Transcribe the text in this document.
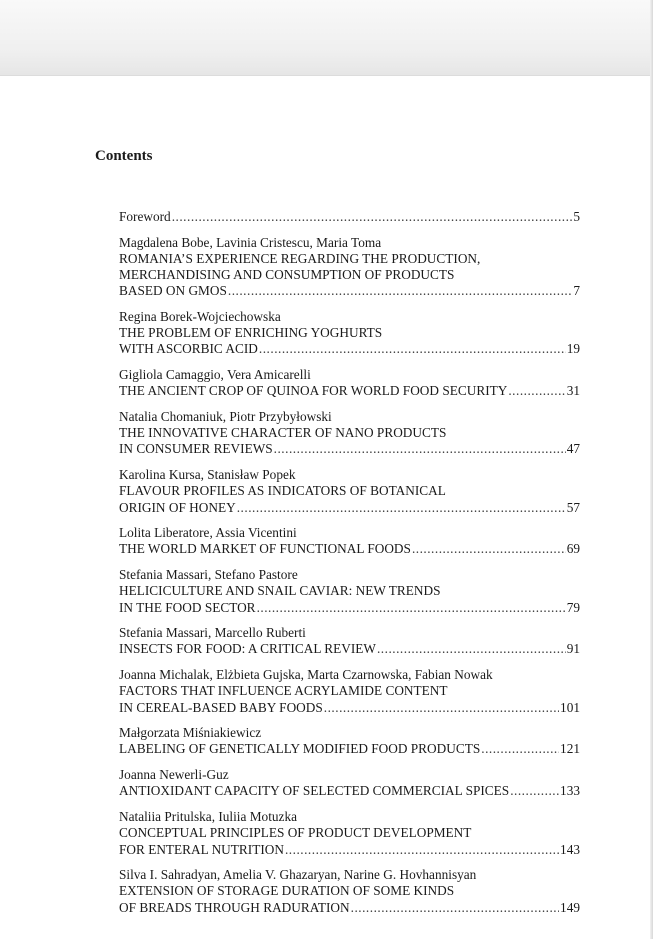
Contents
Foreword .....	5
Magdalena Bobe, Lavinia Cristescu, Maria Toma
ROMANIA’S EXPERIENCE REGARDING THE PRODUCTION,
MERCHANDISING AND CONSUMPTION OF PRODUCTS
BASED ON GMOS .....	7
Regina Borek-Wojciechowska
THE PROBLEM OF ENRICHING YOGHURTS
WITH ASCORBIC ACID .....	19
Gigliola Camaggio, Vera Amicarelli
THE ANCIENT CROP OF QUINOA FOR WORLD FOOD SECURITY .....	31
Natalia Chomaniuk, Piotr Przybyłowski
THE INNOVATIVE CHARACTER OF NANO PRODUCTS
IN CONSUMER REVIEWS .....	47
Karolina Kursa, Stanisław Popek
FLAVOUR PROFILES AS INDICATORS OF BOTANICAL
ORIGIN OF HONEY .....	57
Lolita Liberatore, Assia Vicentini
THE WORLD MARKET OF FUNCTIONAL FOODS .....	69
Stefania Massari, Stefano Pastore
HELICICULTURE AND SNAIL CAVIAR: NEW TRENDS
IN THE FOOD SECTOR .....	79
Stefania Massari, Marcello Ruberti
INSECTS FOR FOOD: A CRITICAL REVIEW .....	91
Joanna Michalak, Elżbieta Gujska, Marta Czarnowska, Fabian Nowak
FACTORS THAT INFLUENCE ACRYLAMIDE CONTENT
IN CEREAL-BASED BABY FOODS .....	101
Małgorzata Miśniakiewicz
LABELING OF GENETICALLY MODIFIED FOOD PRODUCTS .....	121
Joanna Newerli-Guz
ANTIOXIDANT CAPACITY OF SELECTED COMMERCIAL SPICES .....	133
Natalіia Pritulska, Iuliia Motuzka
CONCEPTUAL PRINCIPLES OF PRODUCT DEVELOPMENT
FOR ENTERAL NUTRITION .....	143
Silva I. Sahradyan, Amelia V. Ghazaryan, Narine G. Hovhannisyan
EXTENSION OF STORAGE DURATION OF SOME KINDS
OF BREADS THROUGH RADURATION .....	149
